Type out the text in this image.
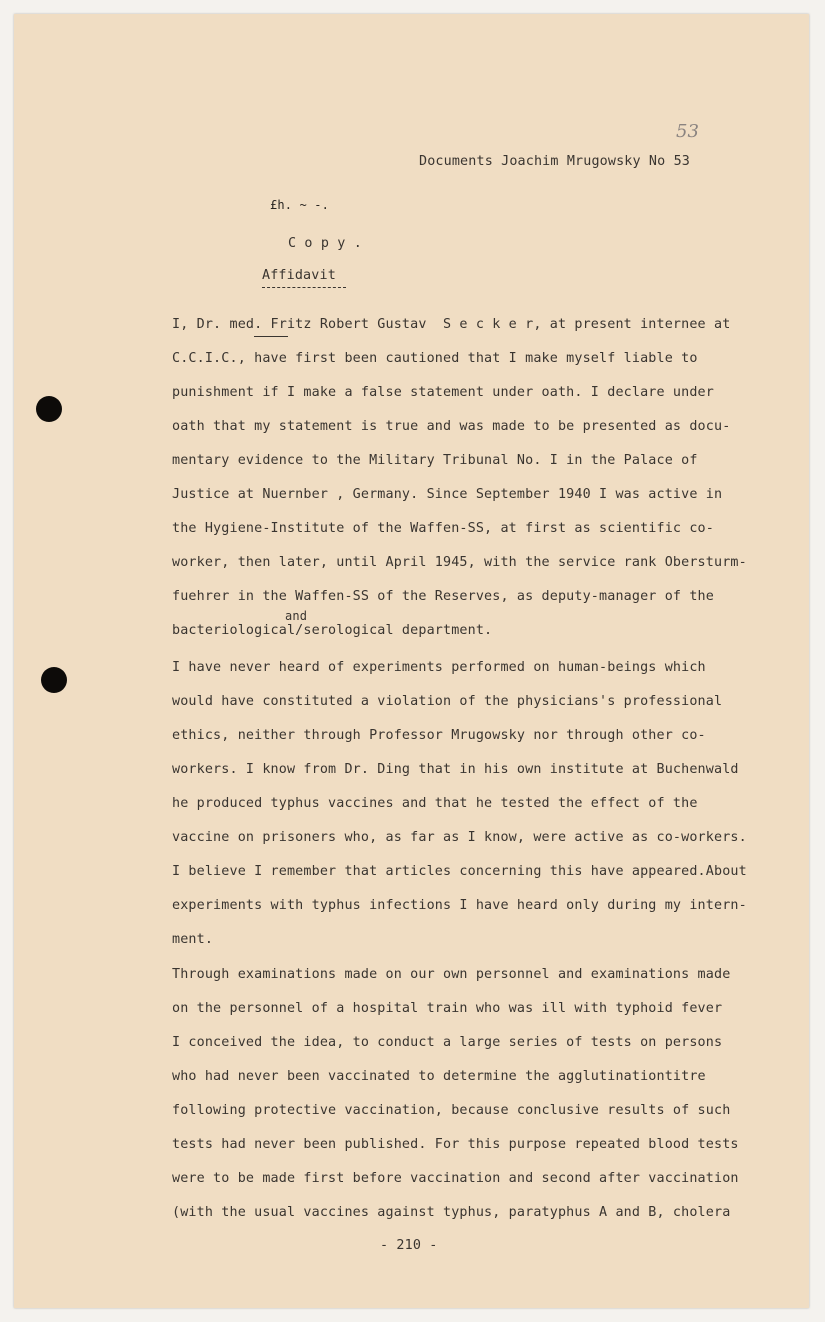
53
Documents Joachim Mrugowsky No 53
£h. ~ -.
C o p y .
Affidavit
I, Dr. med. Fritz Robert Gustav  S e c k e r, at present internee at
C.C.I.C., have first been cautioned that I make myself liable to
punishment if I make a false statement under oath. I declare under
oath that my statement is true and was made to be presented as docu-
mentary evidence to the Military Tribunal No. I in the Palace of
Justice at Nuernber , Germany. Since September 1940 I was active in
the Hygiene-Institute of the Waffen-SS, at first as scientific co-
worker, then later, until April 1945, with the service rank Obersturm-
fuehrer in the Waffen-SS of the Reserves, as deputy-manager of the
and
bacteriological/serological department.
I have never heard of experiments performed on human-beings which
would have constituted a violation of the physicians's professional
ethics, neither through Professor Mrugowsky nor through other co-
workers. I know from Dr. Ding that in his own institute at Buchenwald
he produced typhus vaccines and that he tested the effect of the
vaccine on prisoners who, as far as I know, were active as co-workers.
I believe I remember that articles concerning this have appeared.About
experiments with typhus infections I have heard only during my intern-
ment.
Through examinations made on our own personnel and examinations made
on the personnel of a hospital train who was ill with typhoid fever
I conceived the idea, to conduct a large series of tests on persons
who had never been vaccinated to determine the agglutinationtitre
following protective vaccination, because conclusive results of such
tests had never been published. For this purpose repeated blood tests
were to be made first before vaccination and second after vaccination
(with the usual vaccines against typhus, paratyphus A and B, cholera
- 210 -
